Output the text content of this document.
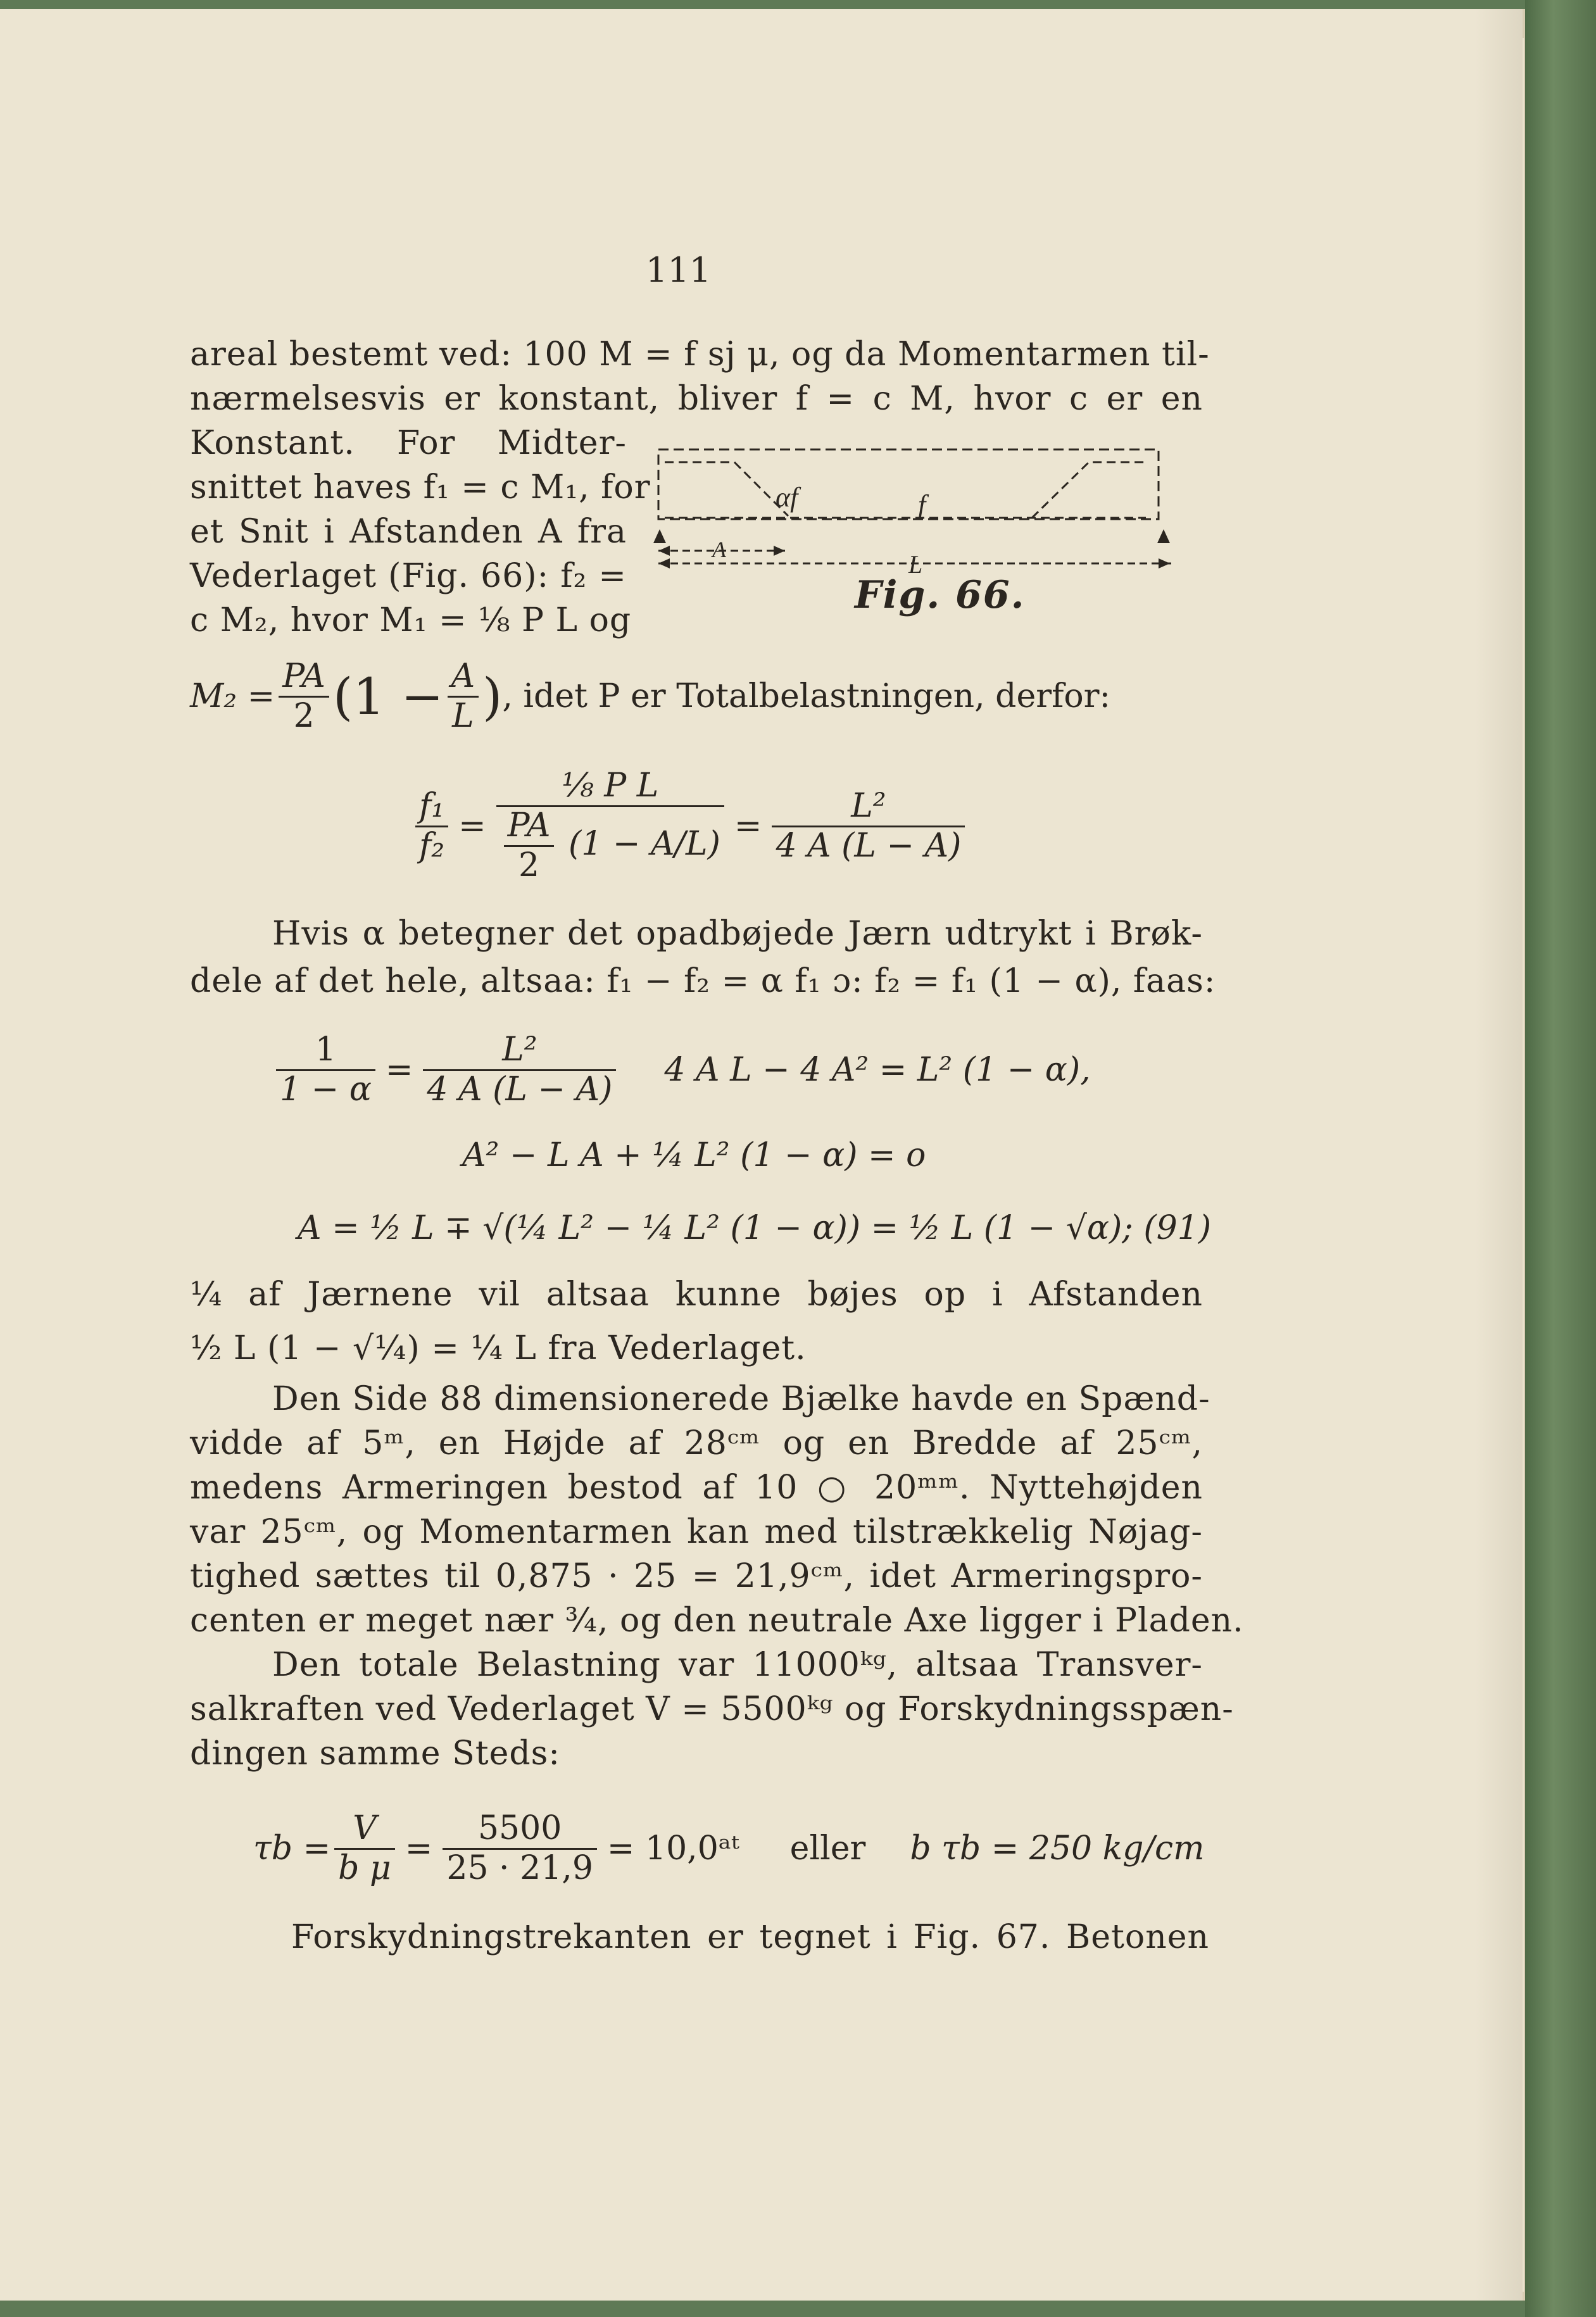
111
areal bestemt ved: 100 M = f sj μ, og da Momentarmen til-
nærmelsesvis er konstant, bliver f = c M, hvor c er en
Konstant. For Midter-
snittet haves f₁ = c M₁, for
et Snit i Afstanden A fra
Vederlaget (Fig. 66): f₂ =
c M₂, hvor M₁ = ⅛ P L og
αf	f
A
L
Fig. 66.
$M_2 = \frac{PA}{2} (1 - \frac{A}{L}$ ) , idet P er Totalbelastningen, derfor:
$\frac{\text{f₁}}{\text{f₂}} = \frac{\text{⅛ P L}}{\frac{PA}{2} (1 - A/L)} = \frac{\text{L²}}{4 A (L - A)}$
Hvis α betegner det opadbøjede Jærn udtrykt i Brøk-
dele af det hele, altsaa: f₁ − f₂ = α f₁ ɔ: f₂ = f₁ (1 − α), faas:
$\frac{1}{1 - \alpha} = \frac{\text{L²}}{4 A (L - A)} 4$ A L − 4 A² = L² (1 − α),
A² − L A + ¼ L² (1 − α) = o
A = ½ L ∓ √(¼ L² − ¼ L² (1 − α)) = ½ L (1 − √α); (91)
¼ af Jærnene vil altsaa kunne bøjes op i Afstanden
½ L (1 − √¼) = ¼ L fra Vederlaget.
Den Side 88 dimensionerede Bjælke havde en Spænd-
vidde af 5ᵐ, en Højde af 28ᶜᵐ og en Bredde af 25ᶜᵐ,
medens Armeringen bestod af 10 ○ 20ᵐᵐ. Nyttehøjden
var 25ᶜᵐ, og Momentarmen kan med tilstrækkelig Nøjag-
tighed sættes til 0,875 · 25 = 21,9ᶜᵐ, idet Armeringspro-
centen er meget nær ¾, og den neutrale Axe ligger i Pladen.
Den totale Belastning var 11000ᵏᵍ, altsaa Transver-
salkraften ved Vederlaget V = 5500ᵏᵍ og Forskydningsspæn-
dingen samme Steds:
$\tau b = \frac{V}{\text{b μ}} = \frac{5500}{25 \cdot 21,9}$ = 10,0ᵃᵗ eller b τb = 250 kg/cm
Forskydningstrekanten er tegnet i Fig. 67. Betonen
